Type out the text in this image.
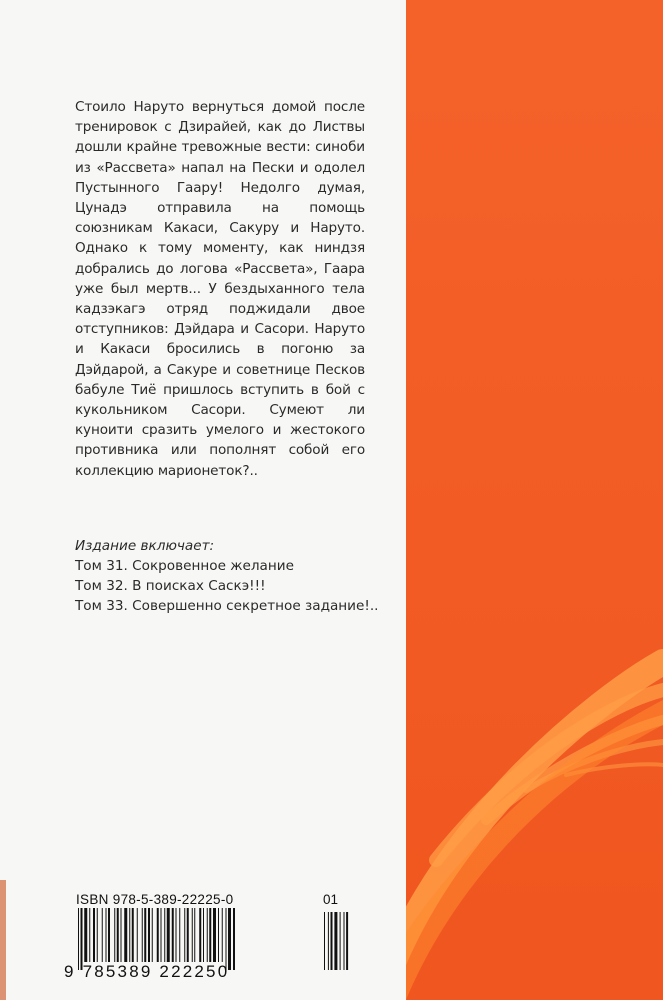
Стоило Наруто вернуться домой после тренировок с Дзирайей, как до Листвы дошли крайне тревожные вести: синоби из «Рассвета» напал на Пески и одолел Пустынного Гаару! Недолго думая, Цунадэ отправила на помощь союзникам Какаси, Сакуру и Наруто. Однако к тому моменту, как ниндзя добрались до логова «Рассвета», Гаара уже был мертв... У бездыханного тела кадзэкагэ отряд поджидали двое отступников: Дэйдара и Сасори. Наруто и Какаси бросились в погоню за Дэйдарой, а Сакуре и советнице Песков бабуле Тиё пришлось вступить в бой с кукольником Сасори. Сумеют ли куноити сразить умелого и жестокого противника или пополнят собой его коллекцию марионеток?..
Издание включает:
Том 31. Сокровенное желание
Том 32. В поисках Саскэ!!!
Том 33. Совершенно секретное задание!..
ISBN 978-5-389-22225-0	01
9 785389 222250
